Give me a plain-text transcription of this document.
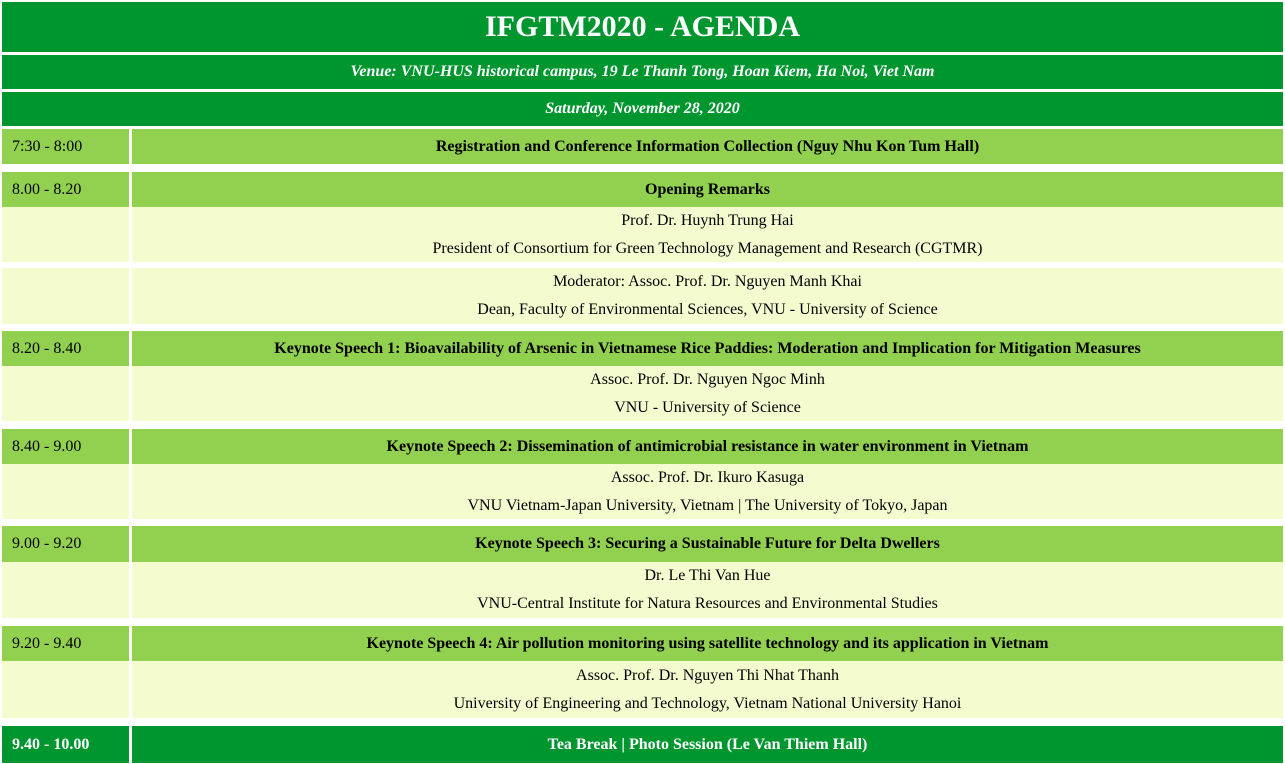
IFGTM2020 - AGENDA
Venue: VNU-HUS historical campus, 19 Le Thanh Tong, Hoan Kiem, Ha Noi, Viet Nam
Saturday, November 28, 2020
7:30 - 8:00	Registration and Conference Information Collection (Nguy Nhu Kon Tum Hall)
8.00 - 8.20	Opening Remarks
Prof. Dr. Huynh Trung Hai
President of Consortium for Green Technology Management and Research (CGTMR)
Moderator: Assoc. Prof. Dr. Nguyen Manh Khai
Dean, Faculty of Environmental Sciences, VNU - University of Science
8.20 - 8.40	Keynote Speech 1: Bioavailability of Arsenic in Vietnamese Rice Paddies: Moderation and Implication for Mitigation Measures
Assoc. Prof. Dr. Nguyen Ngoc Minh
VNU - University of Science
8.40 - 9.00	Keynote Speech 2: Dissemination of antimicrobial resistance in water environment in Vietnam
Assoc. Prof. Dr. Ikuro Kasuga
VNU Vietnam-Japan University, Vietnam | The University of Tokyo, Japan
9.00 - 9.20	Keynote Speech 3: Securing a Sustainable Future for Delta Dwellers
Dr. Le Thi Van Hue
VNU-Central Institute for Natura Resources and Environmental Studies
9.20 - 9.40	Keynote Speech 4: Air pollution monitoring using satellite technology and its application in Vietnam
Assoc. Prof. Dr. Nguyen Thi Nhat Thanh
University of Engineering and Technology, Vietnam National University Hanoi
9.40 - 10.00	Tea Break | Photo Session (Le Van Thiem Hall)
